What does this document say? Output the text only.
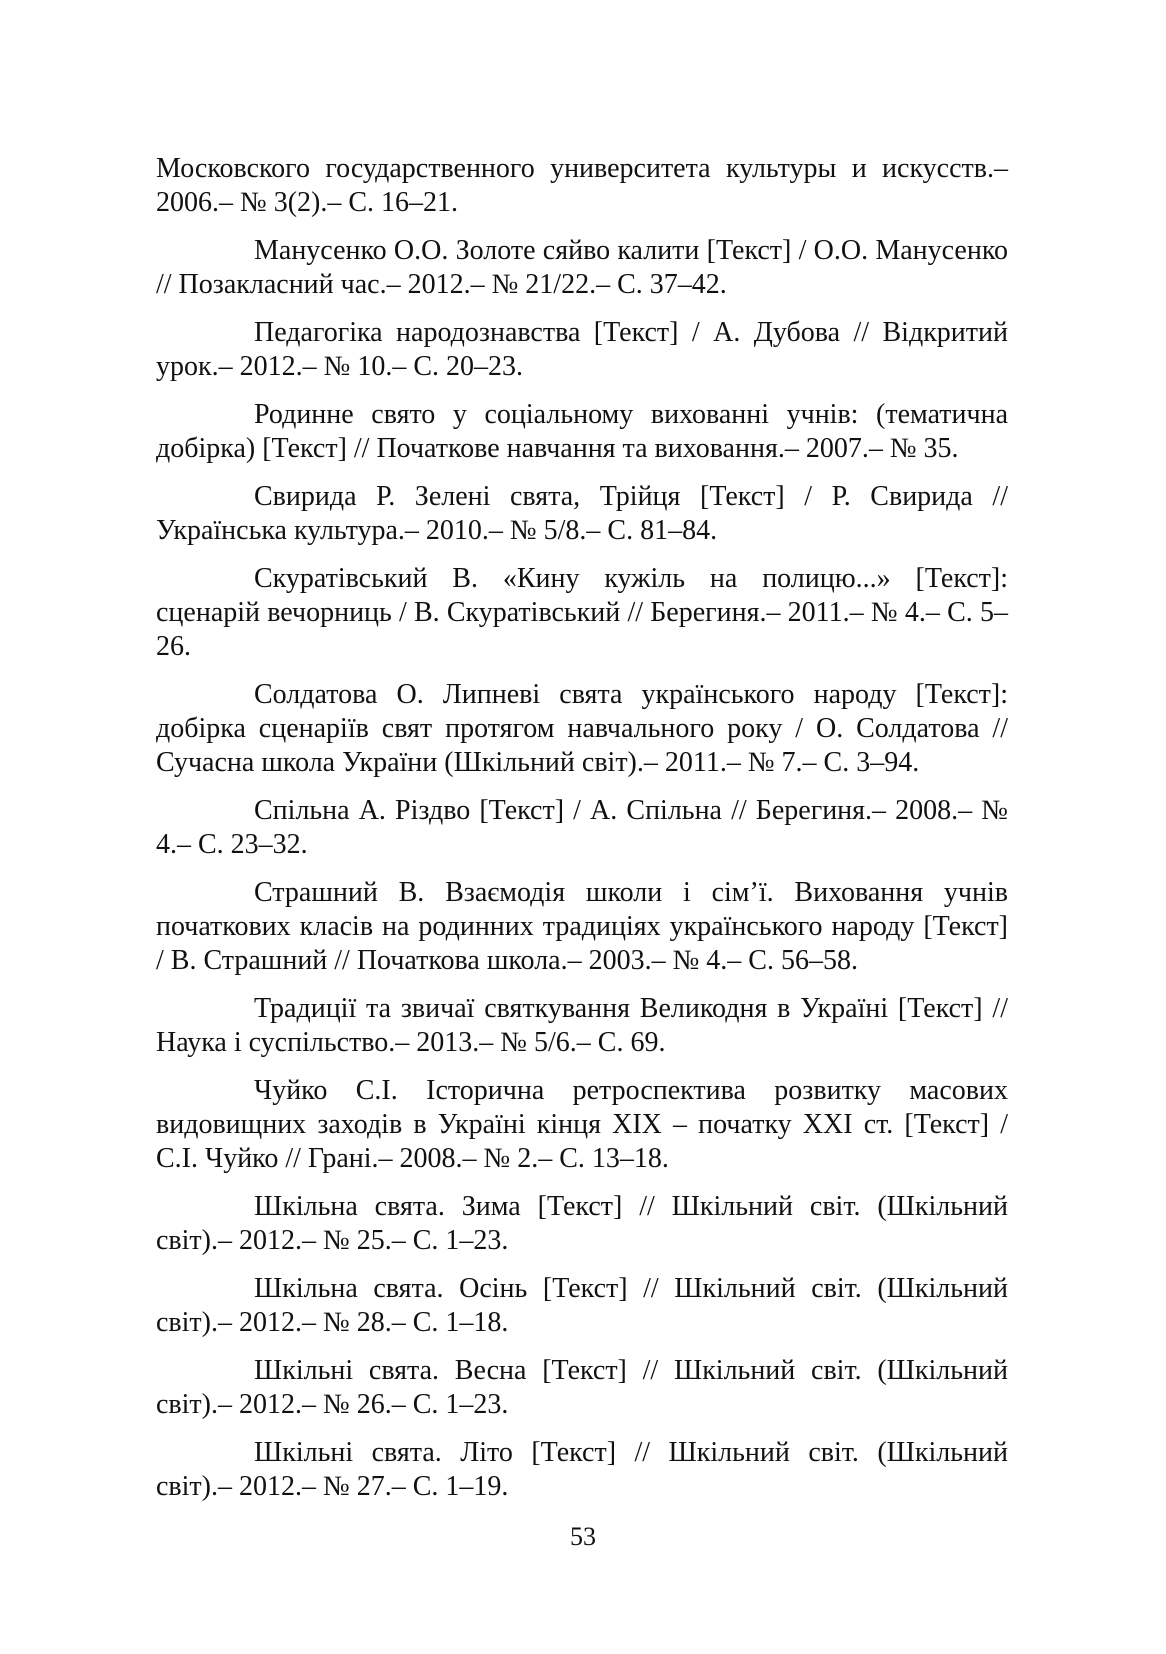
Московского государственного университета культуры и искусств.– 2006.– № 3(2).– С. 16–21.

Манусенко О.О. Золоте сяйво калити [Текст] / О.О. Манусенко // Позакласний час.– 2012.– № 21/22.– С. 37–42.

Педагогіка народознавства [Текст] / А. Дубова // Відкритий урок.– 2012.– № 10.– С. 20–23.

Родинне свято у соціальному вихованні учнів: (тематична добірка) [Текст] // Початкове навчання та виховання.– 2007.– № 35.

Свирида Р. Зелені свята, Трійця [Текст] / Р. Свирида // Українська культура.– 2010.– № 5/8.– С. 81–84.

Скуратівський В. «Кину кужіль на полицю...» [Текст]: сценарій вечорниць / В. Скуратівський // Берегиня.– 2011.– № 4.– С. 5–26.

Солдатова О. Липневі свята українського народу [Текст]: добірка сценаріїв свят протягом навчального року / О. Солдатова // Сучасна школа України (Шкільний світ).– 2011.– № 7.– С. 3–94.

Спільна А. Різдво [Текст] / А. Спільна // Берегиня.– 2008.– № 4.– С. 23–32.

Страшний В. Взаємодія школи і сім’ї. Виховання учнів початкових класів на родинних традиціях українського народу [Текст] / В. Страшний // Початкова школа.– 2003.– № 4.– С. 56–58.

Традиції та звичаї святкування Великодня в Україні [Текст] // Наука і суспільство.– 2013.– № 5/6.– С. 69.

Чуйко С.І. Історична ретроспектива розвитку масових видовищних заходів в Україні кінця XIX – початку XXI ст. [Текст] / С.І. Чуйко // Грані.– 2008.– № 2.– С. 13–18.

Шкільна свята. Зима [Текст] // Шкільний світ. (Шкільний світ).– 2012.– № 25.– С. 1–23.

Шкільна свята. Осінь [Текст] // Шкільний світ. (Шкільний світ).– 2012.– № 28.– С. 1–18.

Шкільні свята. Весна [Текст] // Шкільний світ. (Шкільний світ).– 2012.– № 26.– С. 1–23.

Шкільні свята. Літо [Текст] // Шкільний світ. (Шкільний світ).– 2012.– № 27.– С. 1–19.

53
